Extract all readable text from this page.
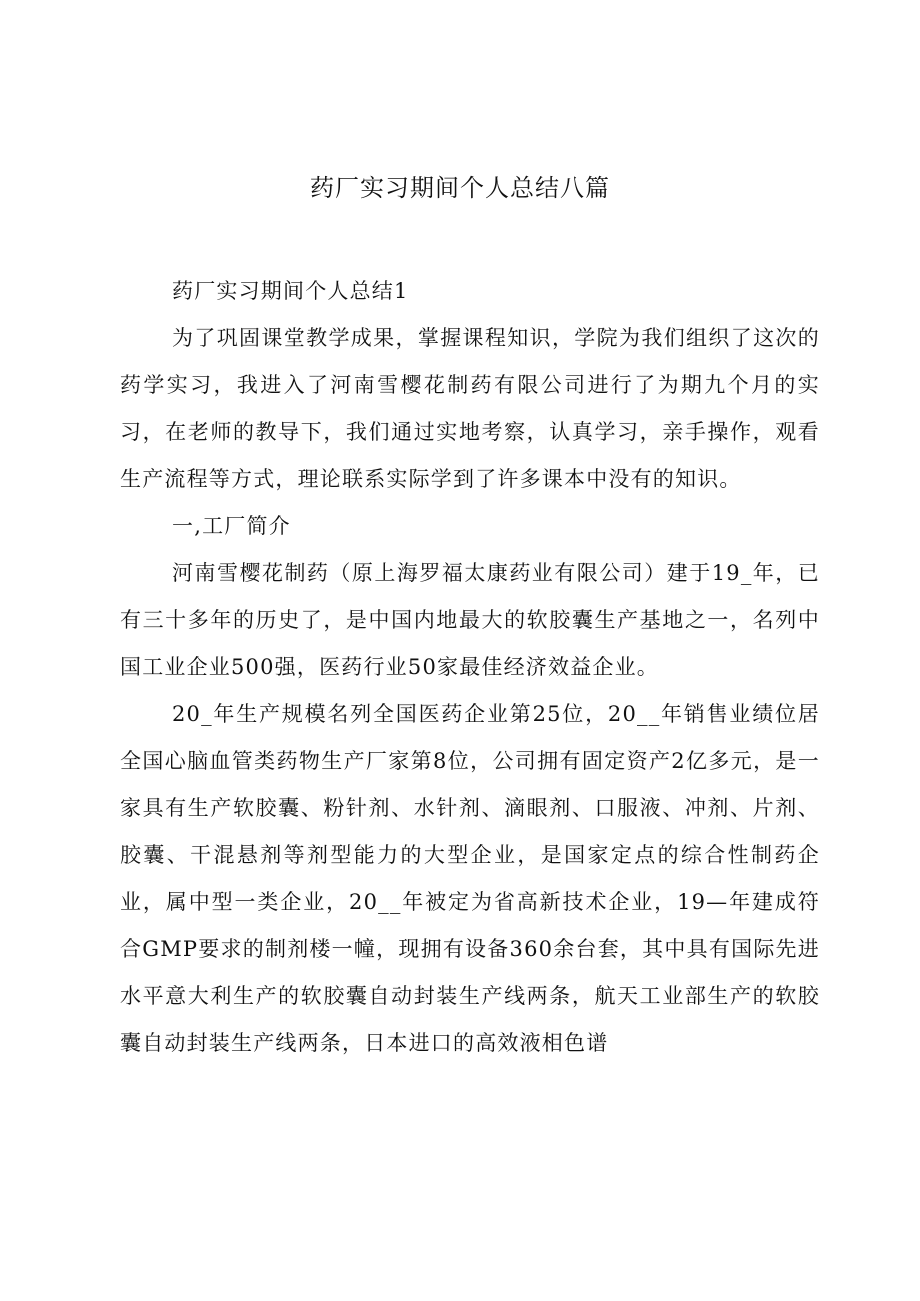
药厂实习期间个人总结八篇

药厂实习期间个人总结1

为了巩固课堂教学成果，掌握课程知识，学院为我们组织了这次的药学实习，我进入了河南雪樱花制药有限公司进行了为期九个月的实习，在老师的教导下，我们通过实地考察，认真学习，亲手操作，观看生产流程等方式，理论联系实际学到了许多课本中没有的知识。

一,工厂简介

河南雪樱花制药（原上海罗福太康药业有限公司）建于19_年，已有三十多年的历史了，是中国内地最大的软胶囊生产基地之一，名列中国工业企业500强，医药行业50家最佳经济效益企业。

20_年生产规模名列全国医药企业第25位，20__年销售业绩位居全国心脑血管类药物生产厂家第8位，公司拥有固定资产2亿多元，是一家具有生产软胶囊、粉针剂、水针剂、滴眼剂、口服液、冲剂、片剂、胶囊、干混悬剂等剂型能力的大型企业，是国家定点的综合性制药企业，属中型一类企业，20__年被定为省高新技术企业，19—年建成符合GMP要求的制剂楼一幢，现拥有设备360余台套，其中具有国际先进水平意大利生产的软胶囊自动封装生产线两条，航天工业部生产的软胶囊自动封装生产线两条，日本进口的高效液相色谱
